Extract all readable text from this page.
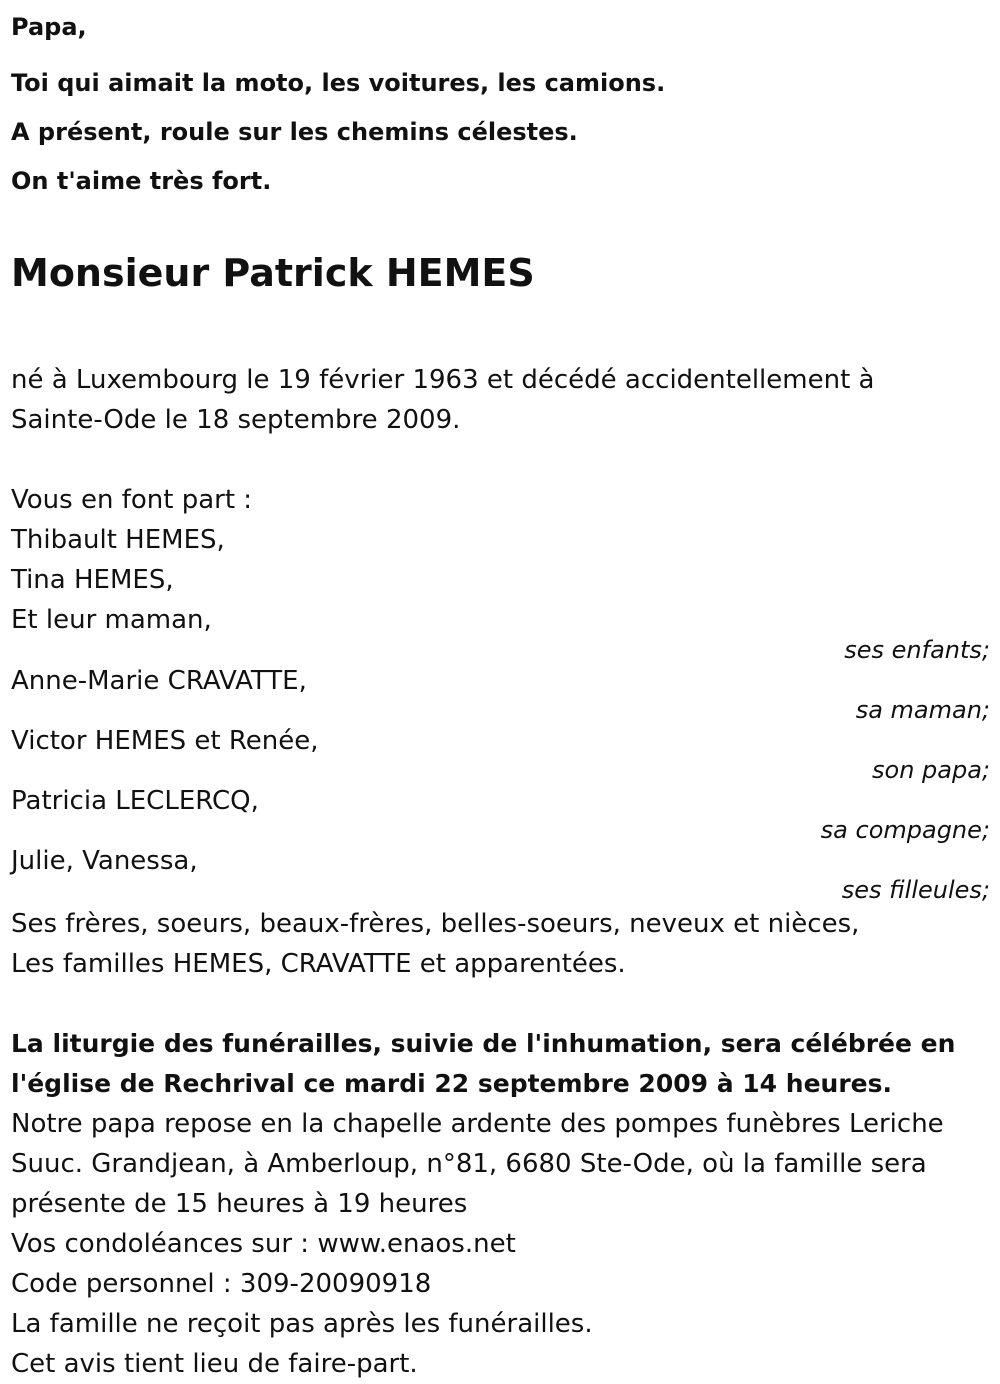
Papa,
Toi qui aimait la moto, les voitures, les camions.
A présent, roule sur les chemins célestes.
On t'aime très fort.
Monsieur Patrick HEMES
né à Luxembourg le 19 février 1963 et décédé accidentellement à
Sainte-Ode le 18 septembre 2009.
Vous en font part :
Thibault HEMES,
Tina HEMES,
Et leur maman,
ses enfants;
Anne-Marie CRAVATTE,
sa maman;
Victor HEMES et Renée,
son papa;
Patricia LECLERCQ,
sa compagne;
Julie, Vanessa,
ses filleules;
Ses frères, soeurs, beaux-frères, belles-soeurs, neveux et nièces,
Les familles HEMES, CRAVATTE et apparentées.
La liturgie des funérailles, suivie de l'inhumation, sera célébrée en
l'église de Rechrival ce mardi 22 septembre 2009 à 14 heures.
Notre papa repose en la chapelle ardente des pompes funèbres Leriche
Suuc. Grandjean, à Amberloup, n°81, 6680 Ste-Ode, où la famille sera
présente de 15 heures à 19 heures
Vos condoléances sur : www.enaos.net
Code personnel : 309-20090918
La famille ne reçoit pas après les funérailles.
Cet avis tient lieu de faire-part.
